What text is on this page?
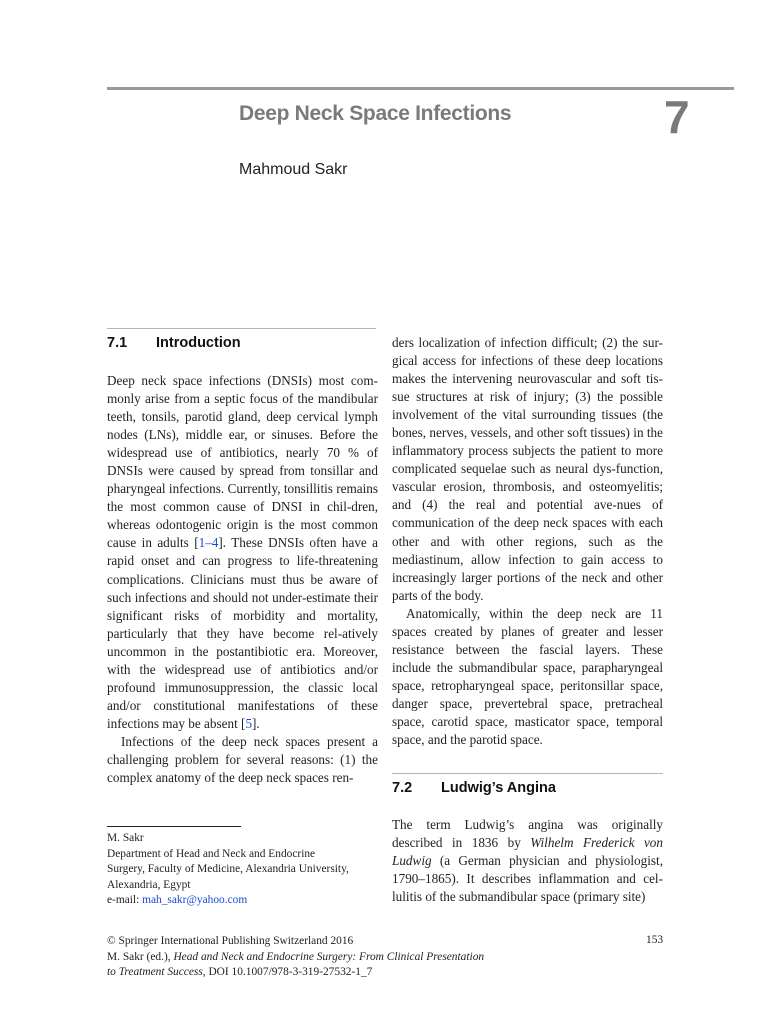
Deep Neck Space Infections	7
Mahmoud Sakr
7.1 Introduction

Deep neck space infections (DNSIs) most com-monly arise from a septic focus of the mandibular teeth, tonsils, parotid gland, deep cervical lymph nodes (LNs), middle ear, or sinuses. Before the widespread use of antibiotics, nearly 70 % of DNSIs were caused by spread from tonsillar and pharyngeal infections. Currently, tonsillitis remains the most common cause of DNSI in chil-dren, whereas odontogenic origin is the most common cause in adults [1–4]. These DNSIs often have a rapid onset and can progress to life-threatening complications. Clinicians must thus be aware of such infections and should not under-estimate their significant risks of morbidity and mortality, particularly that they have become rel-atively uncommon in the postantibiotic era. Moreover, with the widespread use of antibiotics and/or profound immunosuppression, the classic local and/or constitutional manifestations of these infections may be absent [5].

Infections of the deep neck spaces present a challenging problem for several reasons: (1) the complex anatomy of the deep neck spaces ren-

ders localization of infection difficult; (2) the sur-gical access for infections of these deep locations makes the intervening neurovascular and soft tis-sue structures at risk of injury; (3) the possible involvement of the vital surrounding tissues (the bones, nerves, vessels, and other soft tissues) in the inflammatory process subjects the patient to more complicated sequelae such as neural dys-function, vascular erosion, thrombosis, and osteomyelitis; and (4) the real and potential ave-nues of communication of the deep neck spaces with each other and with other regions, such as the mediastinum, allow infection to gain access to increasingly larger portions of the neck and other parts of the body.

Anatomically, within the deep neck are 11 spaces created by planes of greater and lesser resistance between the fascial layers. These include the submandibular space, parapharyngeal space, retropharyngeal space, peritonsillar space, danger space, prevertebral space, pretracheal space, carotid space, masticator space, temporal space, and the parotid space.

7.2 Ludwig’s Angina

The term Ludwig’s angina was originally described in 1836 by Wilhelm Frederick von Ludwig (a German physician and physiologist, 1790–1865). It describes inflammation and cel-lulitis of the submandibular space (primary site)

M. Sakr
Department of Head and Neck and Endocrine
Surgery, Faculty of Medicine, Alexandria University,
Alexandria, Egypt
e-mail: mah_sakr@yahoo.com
© Springer International Publishing Switzerland 2016
M. Sakr (ed.), Head and Neck and Endocrine Surgery: From Clinical Presentation
to Treatment Success, DOI 10.1007/978-3-319-27532-1_7
153
